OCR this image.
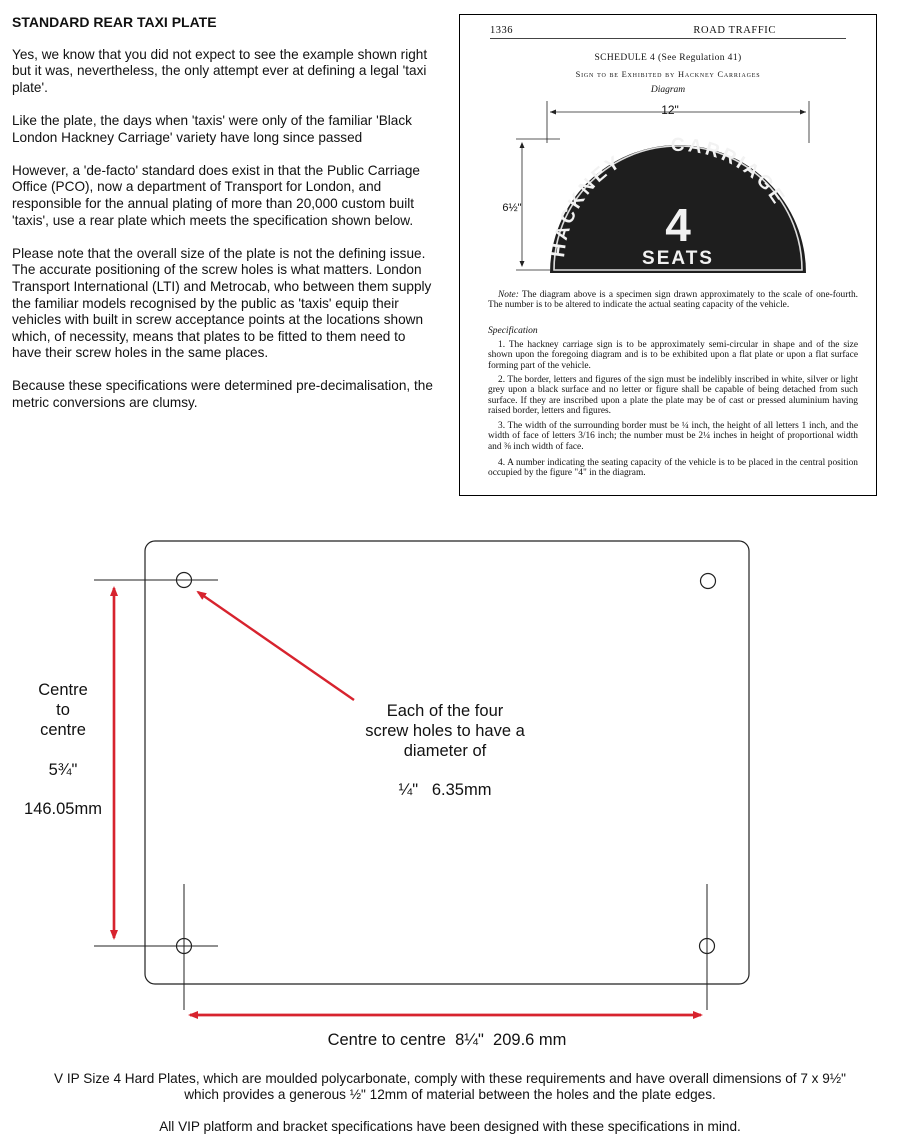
STANDARD REAR TAXI PLATE

Yes, we know that you did not expect to see the example shown right but it was, nevertheless, the only attempt ever at defining a legal 'taxi plate'.

Like the plate, the days when 'taxis' were only of the familiar 'Black London Hackney Carriage' variety have long since passed

However, a 'de-facto' standard does exist in that the Public Carriage Office (PCO), now a department of Transport for London, and responsible for the annual plating of more than 20,000 custom built 'taxis', use a rear plate which meets the specification shown below.

Please note that the overall size of the plate is not the defining issue. The accurate positioning of the screw holes is what matters. London Transport International (LTI) and Metrocab, who between them supply the familiar models recognised by the public as 'taxis' equip their vehicles with built in screw acceptance points at the locations shown which, of necessity, means that plates to be fitted to them need to have their screw holes in the same places.

Because these specifications were determined pre-decimalisation, the metric conversions are clumsy.

1336	ROAD TRAFFIC
SCHEDULE 4 (See Regulation 41)
Sign to be Exhibited by Hackney Carriages
Diagram
12"
6½"
HACKNEY
CARRIAGE
4
SEATS

Note: The diagram above is a specimen sign drawn approximately to the scale of one-fourth. The number is to be altered to indicate the actual seating capacity of the vehicle.

Specification

1. The hackney carriage sign is to be approximately semi-circular in shape and of the size shown upon the foregoing diagram and is to be exhibited upon a flat plate or upon a flat surface forming part of the vehicle.

2. The border, letters and figures of the sign must be indelibly inscribed in white, silver or light grey upon a black surface and no letter or figure shall be capable of being detached from such surface. If they are inscribed upon a plate the plate may be of cast or pressed aluminium having raised border, letters and figures.

3. The width of the surrounding border must be ¼ inch, the height of all letters 1 inch, and the width of face of letters 3/16 inch; the number must be 2¼ inches in height of proportional width and ⅜ inch width of face.

4. A number indicating the seating capacity of the vehicle is to be placed in the central position occupied by the figure "4" in the diagram.

Centre
to
centre
5¾"
146.05mm
Each of the four
screw holes to have a
diameter of
¼"   6.35mm
Centre to centre  8¼"  209.6 mm
V IP Size 4 Hard Plates, which are moulded polycarbonate, comply with these requirements and have overall dimensions of 7 x 9½"
which provides a generous ½" 12mm of material between the holes and the plate edges.
All VIP platform and bracket specifications have been designed with these specifications in mind.
